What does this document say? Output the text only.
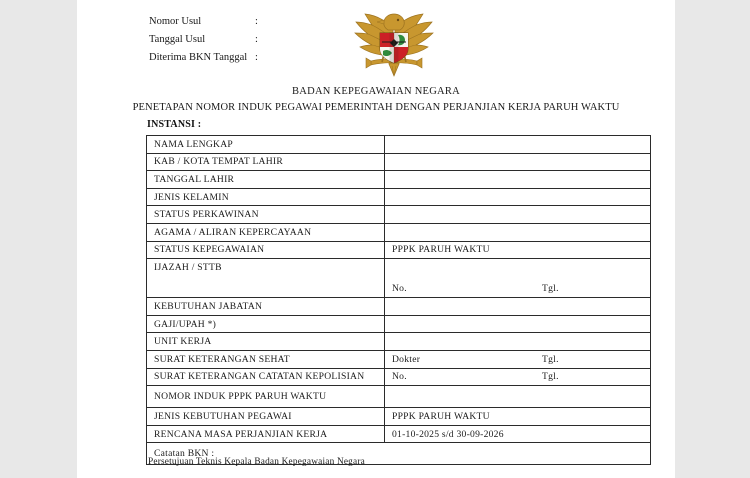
Nomor Usul	:
Tanggal Usul	:
Diterima BKN Tanggal :
BADAN KEPEGAWAIAN NEGARA
PENETAPAN NOMOR INDUK PEGAWAI PEMERINTAH DENGAN PERJANJIAN KERJA PARUH WAKTU
INSTANSI :
NAMA LENGKAP	
KAB / KOTA TEMPAT LAHIR	
TANGGAL LAHIR	
JENIS KELAMIN	
STATUS PERKAWINAN	
AGAMA / ALIRAN KEPERCAYAAN	
STATUS KEPEGAWAIAN	PPPK PARUH WAKTU
IJAZAH / STTB	No. Tgl.

KEBUTUHAN JABATAN	
GAJI/UPAH *)	
UNIT KERJA	
SURAT KETERANGAN SEHAT	Dokter Tgl.

SURAT KETERANGAN CATATAN KEPOLISIAN	No. Tgl.

NOMOR INDUK PPPK PARUH WAKTU	
JENIS KEBUTUHAN PEGAWAI	PPPK PARUH WAKTU
RENCANA MASA PERJANJIAN KERJA	01-10-2025 s/d 30-09-2026
Catatan BKN :	
Persetujuan Teknis Kepala Badan Kepegawaian Negara
